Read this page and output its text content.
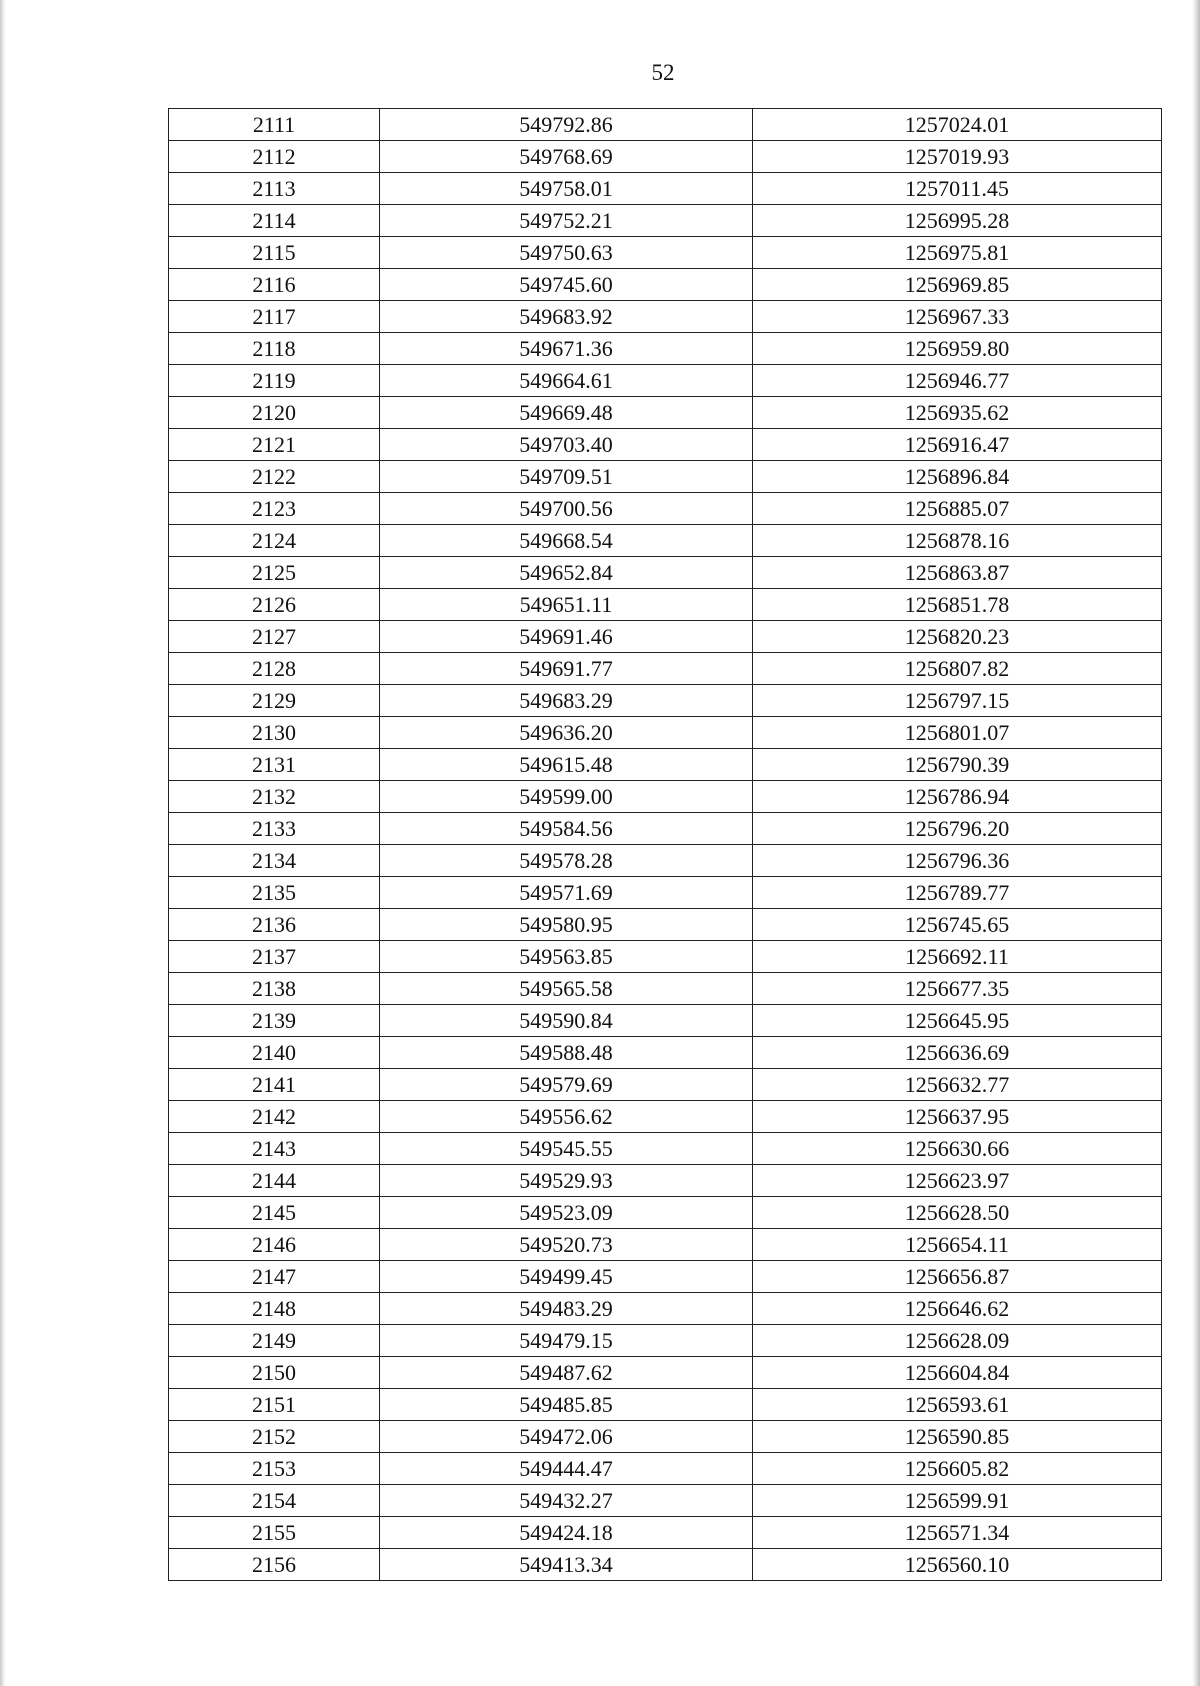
52
2111	549792.86	1257024.01
2112	549768.69	1257019.93
2113	549758.01	1257011.45
2114	549752.21	1256995.28
2115	549750.63	1256975.81
2116	549745.60	1256969.85
2117	549683.92	1256967.33
2118	549671.36	1256959.80
2119	549664.61	1256946.77
2120	549669.48	1256935.62
2121	549703.40	1256916.47
2122	549709.51	1256896.84
2123	549700.56	1256885.07
2124	549668.54	1256878.16
2125	549652.84	1256863.87
2126	549651.11	1256851.78
2127	549691.46	1256820.23
2128	549691.77	1256807.82
2129	549683.29	1256797.15
2130	549636.20	1256801.07
2131	549615.48	1256790.39
2132	549599.00	1256786.94
2133	549584.56	1256796.20
2134	549578.28	1256796.36
2135	549571.69	1256789.77
2136	549580.95	1256745.65
2137	549563.85	1256692.11
2138	549565.58	1256677.35
2139	549590.84	1256645.95
2140	549588.48	1256636.69
2141	549579.69	1256632.77
2142	549556.62	1256637.95
2143	549545.55	1256630.66
2144	549529.93	1256623.97
2145	549523.09	1256628.50
2146	549520.73	1256654.11
2147	549499.45	1256656.87
2148	549483.29	1256646.62
2149	549479.15	1256628.09
2150	549487.62	1256604.84
2151	549485.85	1256593.61
2152	549472.06	1256590.85
2153	549444.47	1256605.82
2154	549432.27	1256599.91
2155	549424.18	1256571.34
2156	549413.34	1256560.10
